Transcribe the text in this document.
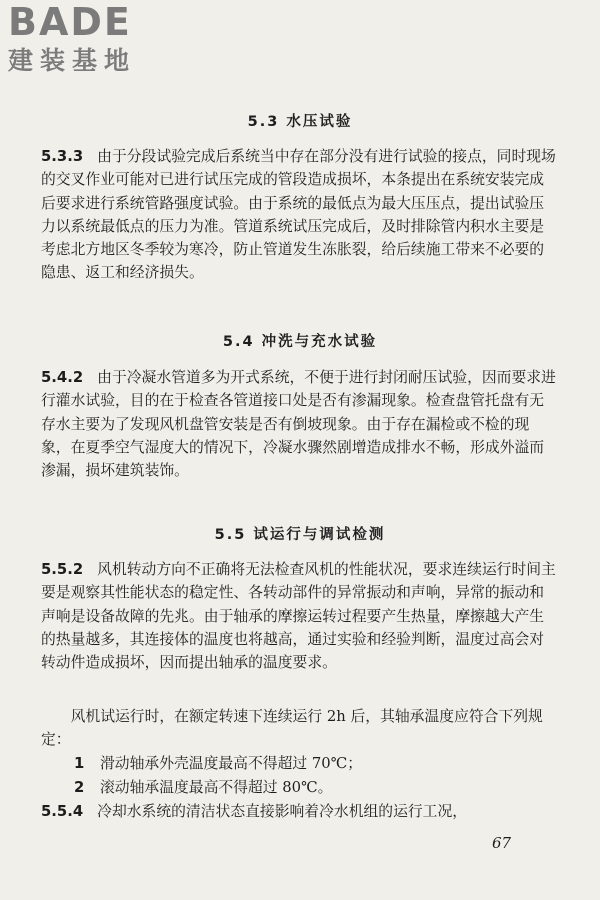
BADE
建装基地
5.3 水压试验
5.3.3 由于分段试验完成后系统当中存在部分没有进行试验的接点，同时现场的交叉作业可能对已进行试压完成的管段造成损坏，本条提出在系统安装完成后要求进行系统管路强度试验。由于系统的最低点为最大压压点，提出试验压力以系统最低点的压力为准。管道系统试压完成后，及时排除管内积水主要是考虑北方地区冬季较为寒冷，防止管道发生冻胀裂，给后续施工带来不必要的隐患、返工和经济损失。
5.4 冲洗与充水试验
5.4.2 由于冷凝水管道多为开式系统，不便于进行封闭耐压试验，因而要求进行灌水试验，目的在于检查各管道接口处是否有渗漏现象。检查盘管托盘有无存水主要为了发现风机盘管安装是否有倒坡现象。由于存在漏检或不检的现象，在夏季空气湿度大的情况下，冷凝水骤然剧增造成排水不畅，形成外溢而渗漏，损坏建筑装饰。
5.5 试运行与调试检测
5.5.2 风机转动方向不正确将无法检查风机的性能状况，要求连续运行时间主要是观察其性能状态的稳定性、各转动部件的异常振动和声响，异常的振动和声响是设备故障的先兆。由于轴承的摩擦运转过程要产生热量，摩擦越大产生的热量越多，其连接体的温度也将越高，通过实验和经验判断，温度过高会对转动件造成损坏，因而提出轴承的温度要求。
风机试运行时，在额定转速下连续运行 2h 后，其轴承温度应符合下列规定：
1 滑动轴承外壳温度最高不得超过 70℃；
2 滚动轴承温度最高不得超过 80℃。
5.5.4 冷却水系统的清洁状态直接影响着冷水机组的运行工况，
67
